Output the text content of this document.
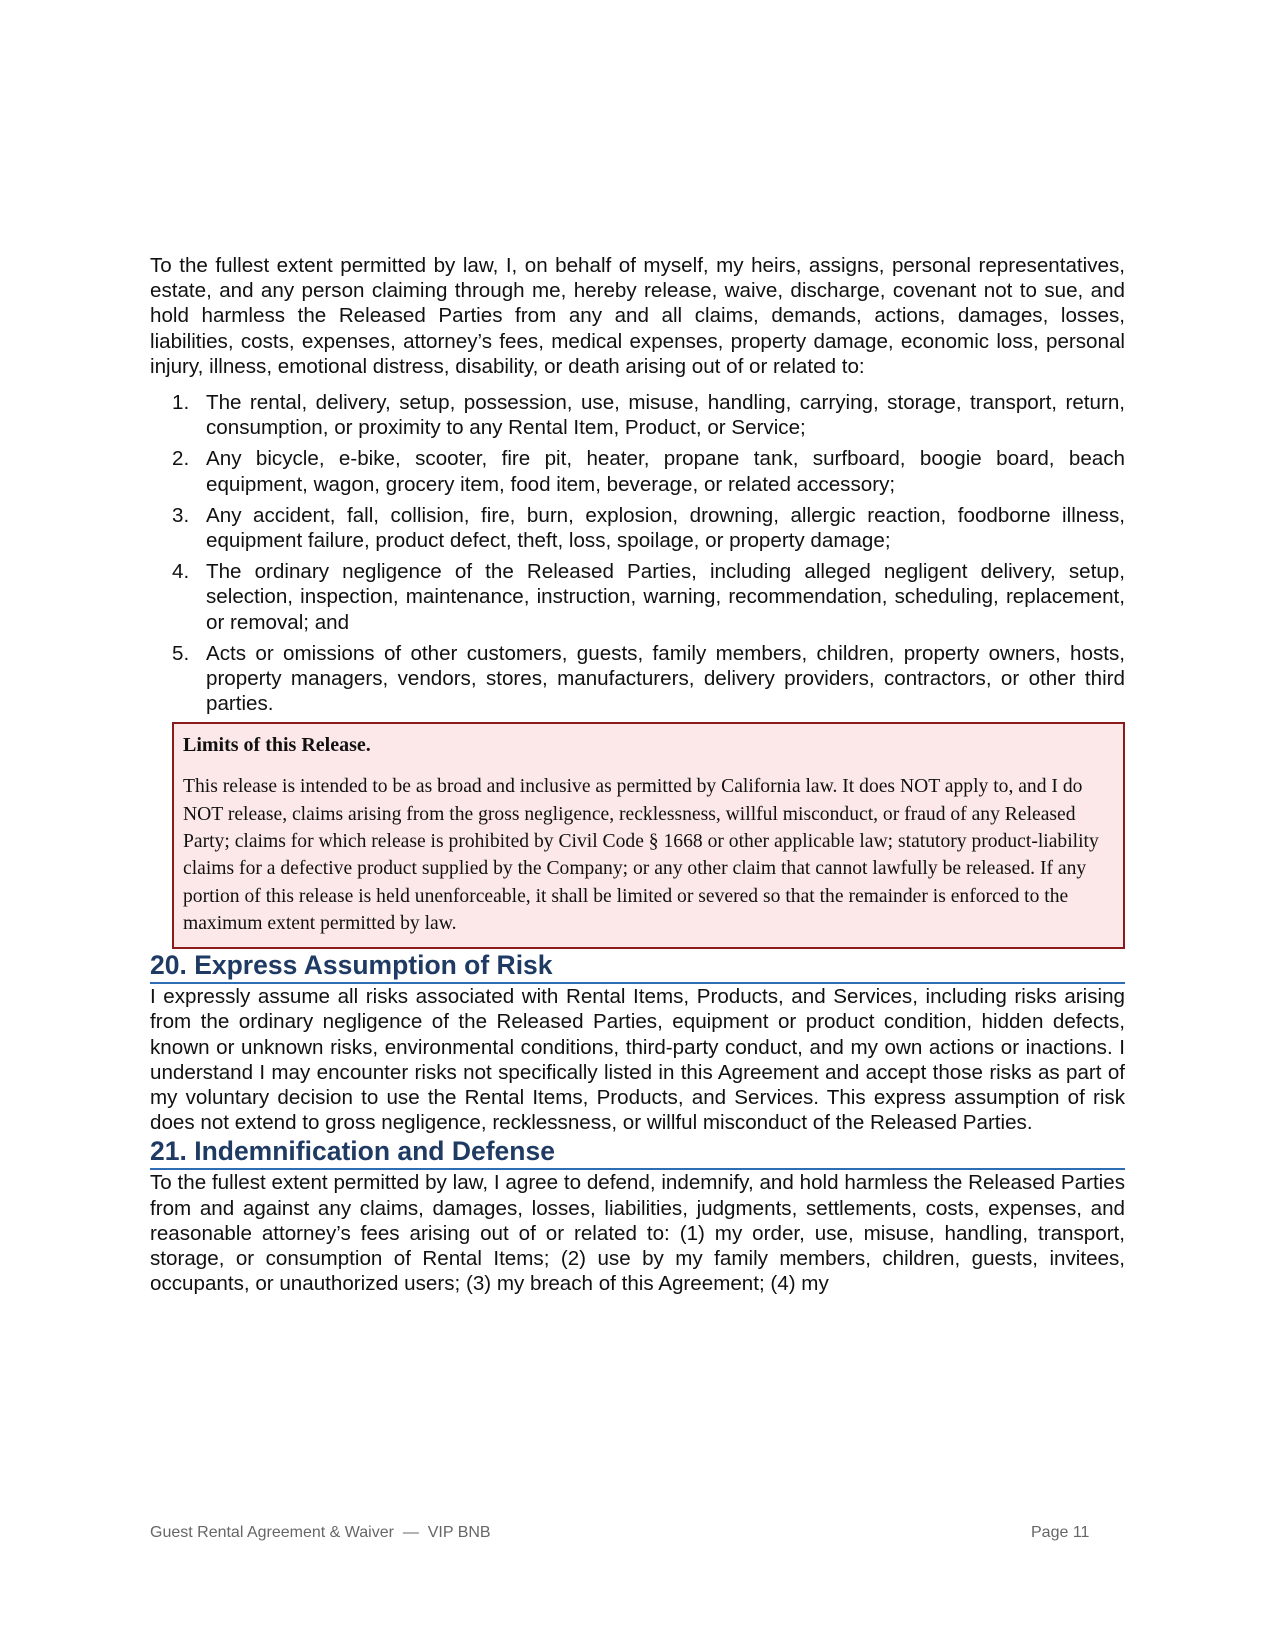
To the fullest extent permitted by law, I, on behalf of myself, my heirs, assigns, personal representatives, estate, and any person claiming through me, hereby release, waive, discharge, covenant not to sue, and hold harmless the Released Parties from any and all claims, demands, actions, damages, losses, liabilities, costs, expenses, attorney’s fees, medical expenses, property damage, economic loss, personal injury, illness, emotional distress, disability, or death arising out of or related to:

1. The rental, delivery, setup, possession, use, misuse, handling, carrying, storage, transport, return, consumption, or proximity to any Rental Item, Product, or Service;
2. Any bicycle, e-bike, scooter, fire pit, heater, propane tank, surfboard, boogie board, beach equipment, wagon, grocery item, food item, beverage, or related accessory;
3. Any accident, fall, collision, fire, burn, explosion, drowning, allergic reaction, foodborne illness, equipment failure, product defect, theft, loss, spoilage, or property damage;
4. The ordinary negligence of the Released Parties, including alleged negligent delivery, setup, selection, inspection, maintenance, instruction, warning, recommendation, scheduling, replacement, or removal; and
5. Acts or omissions of other customers, guests, family members, children, property owners, hosts, property managers, vendors, stores, manufacturers, delivery providers, contractors, or other third parties.
Limits of this Release.

This release is intended to be as broad and inclusive as permitted by California law. It does NOT apply to, and I do NOT release, claims arising from the gross negligence, recklessness, willful misconduct, or fraud of any Released Party; claims for which release is prohibited by Civil Code § 1668 or other applicable law; statutory product-liability claims for a defective product supplied by the Company; or any other claim that cannot lawfully be released. If any portion of this release is held unenforceable, it shall be limited or severed so that the remainder is enforced to the maximum extent permitted by law.

20. Express Assumption of Risk

I expressly assume all risks associated with Rental Items, Products, and Services, including risks arising from the ordinary negligence of the Released Parties, equipment or product condition, hidden defects, known or unknown risks, environmental conditions, third-party conduct, and my own actions or inactions. I understand I may encounter risks not specifically listed in this Agreement and accept those risks as part of my voluntary decision to use the Rental Items, Products, and Services. This express assumption of risk does not extend to gross negligence, recklessness, or willful misconduct of the Released Parties.

21. Indemnification and Defense

To the fullest extent permitted by law, I agree to defend, indemnify, and hold harmless the Released Parties from and against any claims, damages, losses, liabilities, judgments, settlements, costs, expenses, and reasonable attorney’s fees arising out of or related to: (1) my order, use, misuse, handling, transport, storage, or consumption of Rental Items; (2) use by my family members, children, guests, invitees, occupants, or unauthorized users; (3) my breach of this Agreement; (4) my

Guest Rental Agreement & Waiver  —  VIP BNB	Page 11
